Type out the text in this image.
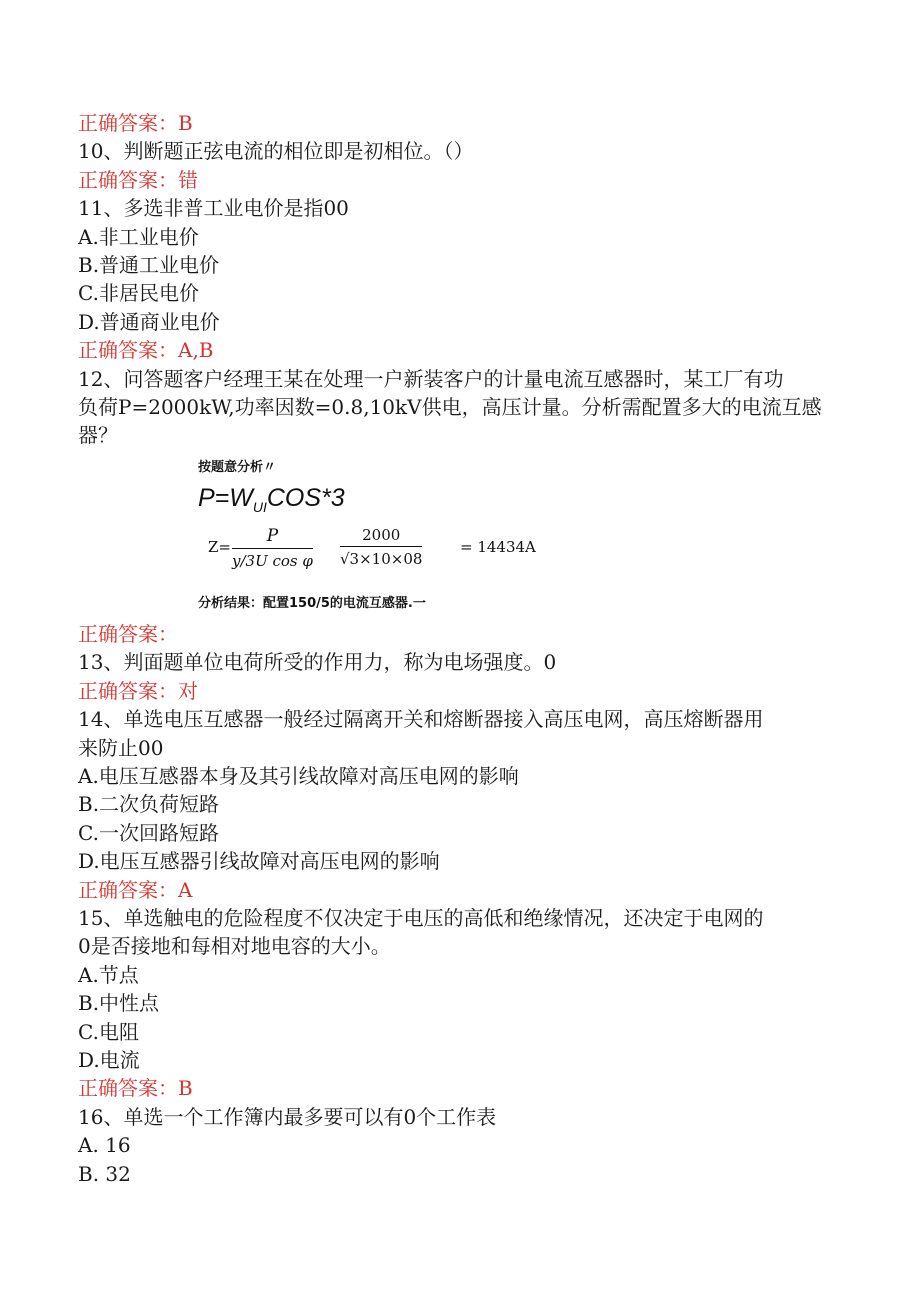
正确答案：B
10、判断题正弦电流的相位即是初相位。（）
正确答案：错
11、多选非普工业电价是指00
A.非工业电价
B.普通工业电价
C.非居民电价
D.普通商业电价
正确答案：A,B
12、问答题客户经理王某在处理一户新装客户的计量电流互感器时，某工厂有功
负荷P=2000kW,功率因数=0.8,10kV供电，高压计量。分析需配置多大的电流互感
器？
按题意分析〃
$P=W_{UI}COS*3$
$Z= \frac{P}{\text{y/3U cos φ}} \frac{2000}{√3\times 10\times 08}$	= 14434A
分析结果：配置150/5的电流互感器.一
正确答案：
13、判面题单位电荷所受的作用力，称为电场强度。0
正确答案：对
14、单选电压互感器一般经过隔离开关和熔断器接入高压电网，高压熔断器用
来防止00
A.电压互感器本身及其引线故障对高压电网的影响
B.二次负荷短路
C.一次回路短路
D.电压互感器引线故障对高压电网的影响
正确答案：A
15、单选触电的危险程度不仅决定于电压的高低和绝缘情况，还决定于电网的
0是否接地和每相对地电容的大小。
A.节点
B.中性点
C.电阻
D.电流
正确答案：B
16、单选一个工作簿内最多要可以有0个工作表
A. 16
B. 32
